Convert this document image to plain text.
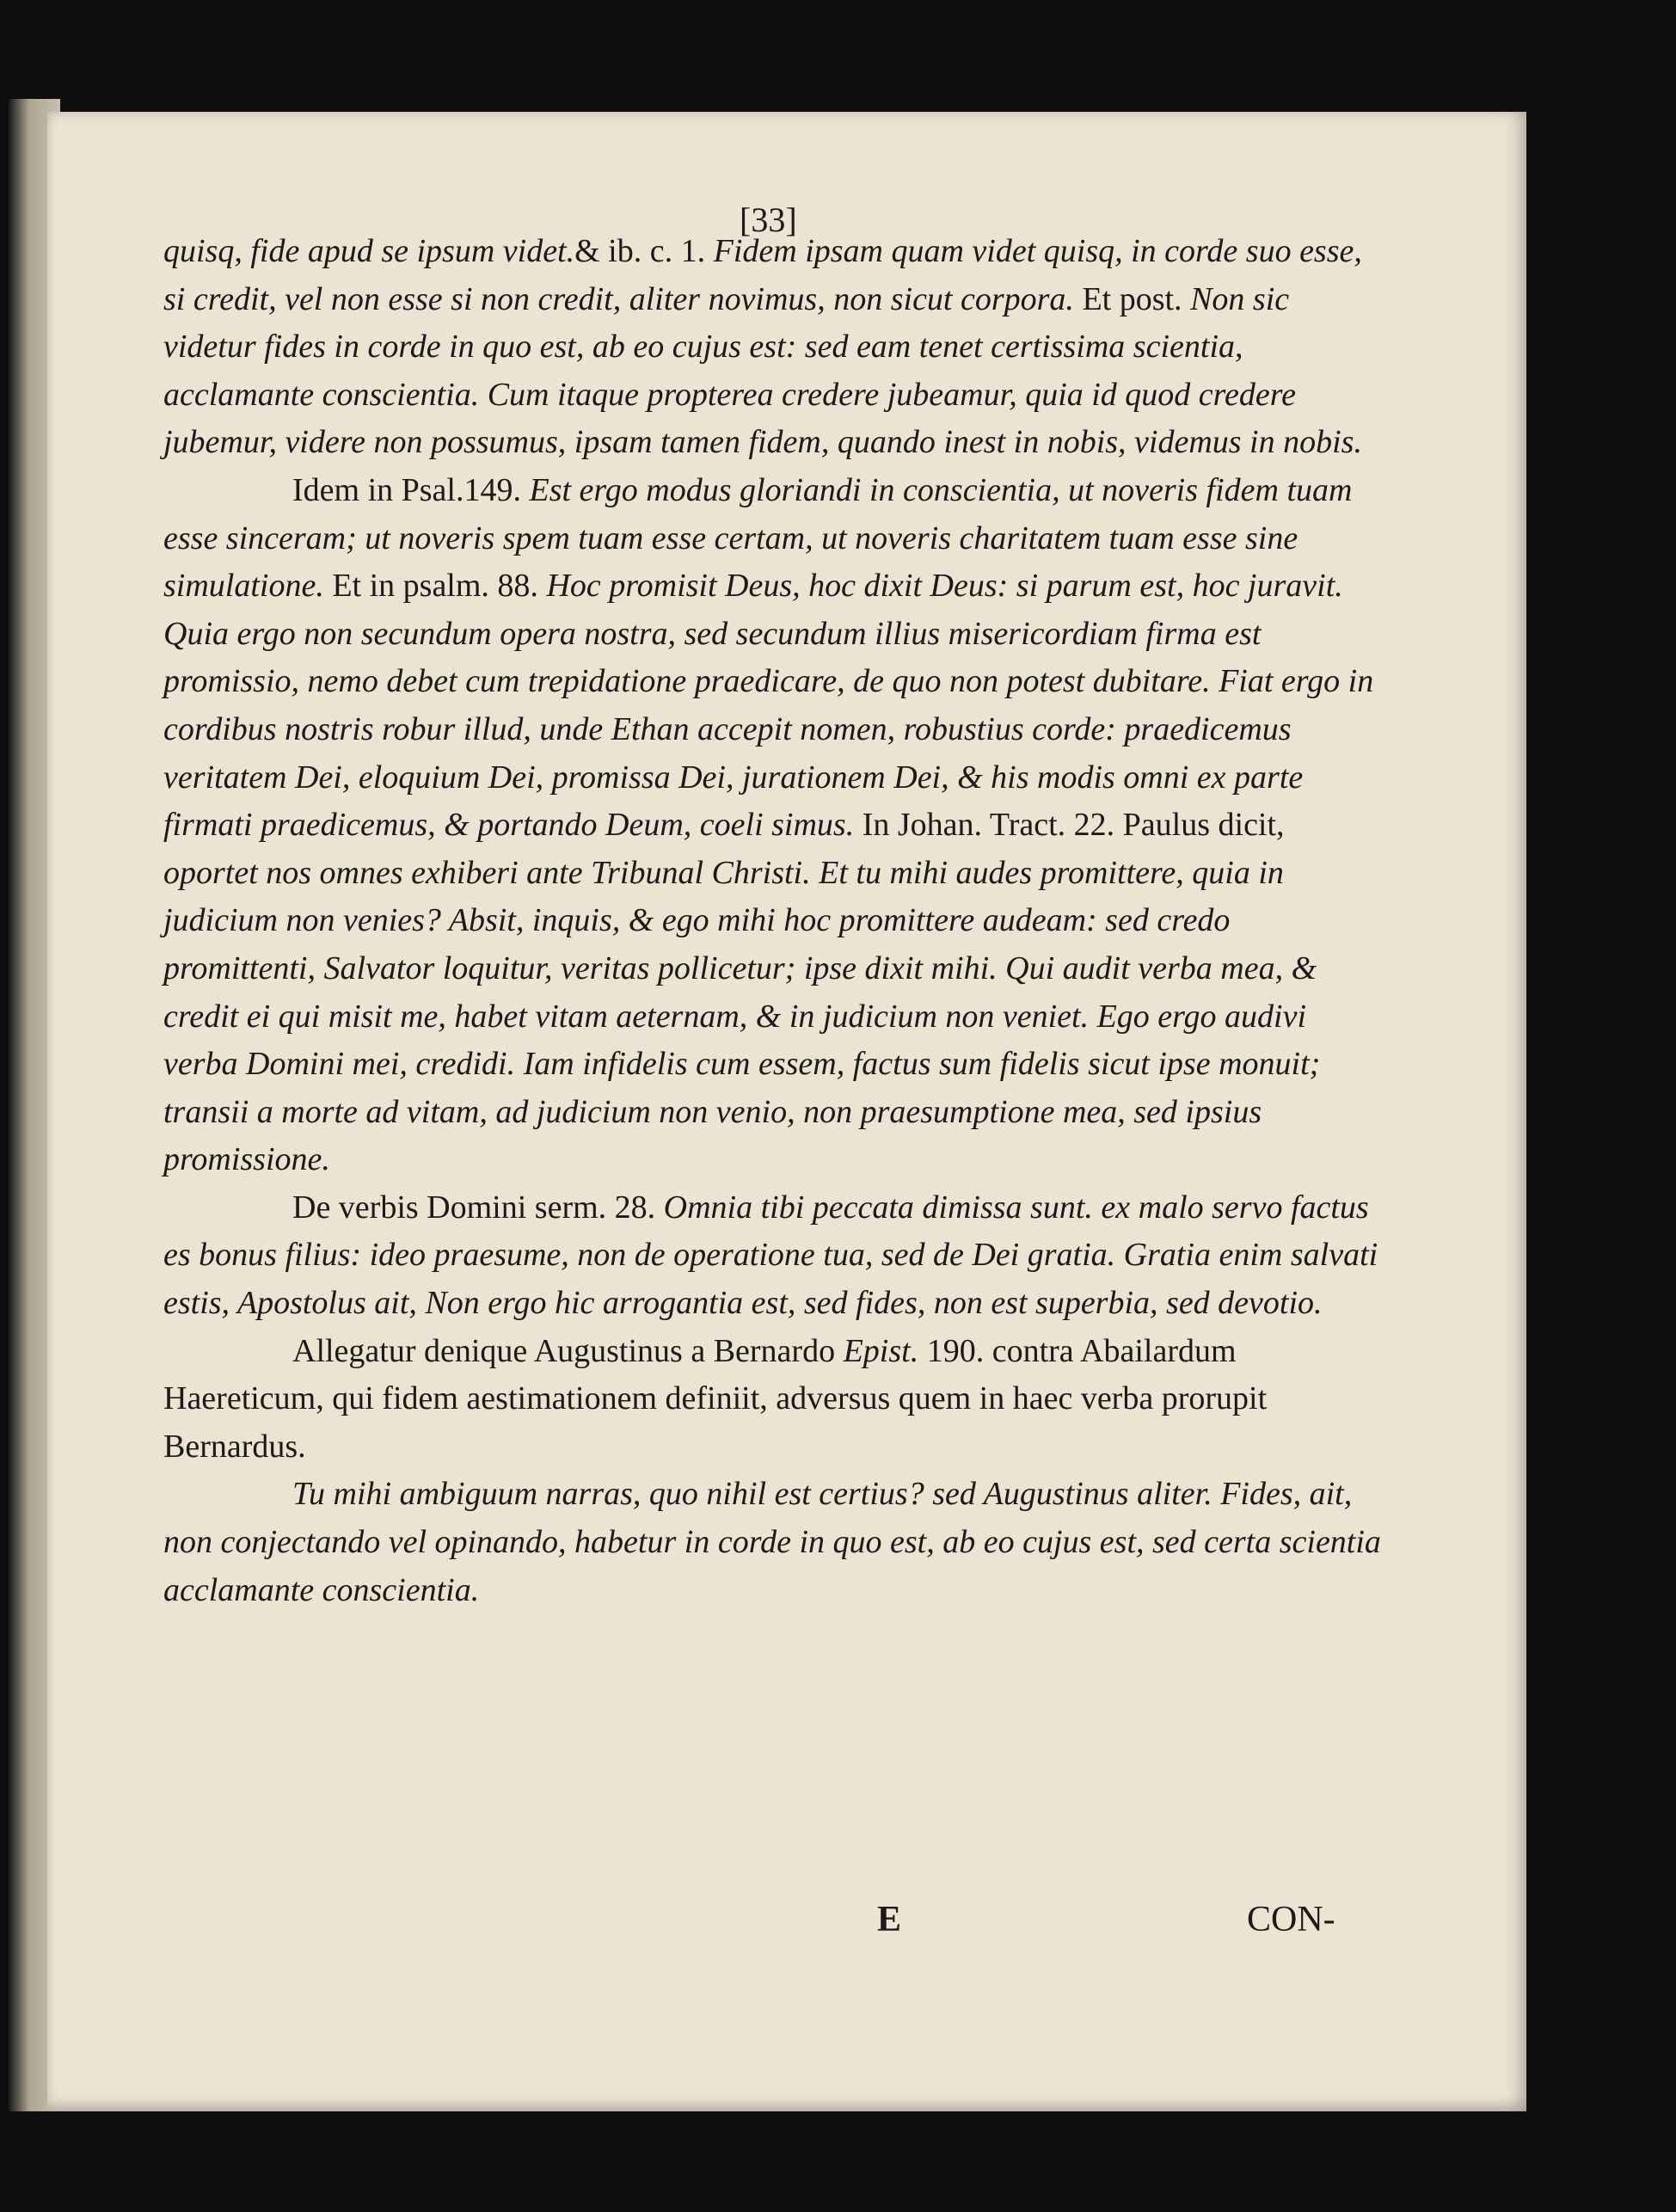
[33]

quisq, fide apud se ipsum videt.& ib. c. 1. Fidem ipsam quam videt quisq, in corde suo esse, si credit, vel non esse si non credit, aliter novimus, non sicut corpora. Et post. Non sic videtur fides in corde in quo est, ab eo cujus est: sed eam tenet certissima scientia, acclamante conscientia. Cum itaque propterea credere jubeamur, quia id quod credere jubemur, videre non possumus, ipsam tamen fidem, quando inest in nobis, videmus in nobis.

Idem in Psal.149. Est ergo modus gloriandi in conscientia, ut noveris fidem tuam esse sinceram; ut noveris spem tuam esse certam, ut noveris charitatem tuam esse sine simulatione. Et in psalm. 88. Hoc promisit Deus, hoc dixit Deus: si parum est, hoc juravit. Quia ergo non secundum opera nostra, sed secundum illius misericordiam firma est promissio, nemo debet cum trepidatione praedicare, de quo non potest dubitare. Fiat ergo in cordibus nostris robur illud, unde Ethan accepit nomen, robustius corde: praedicemus veritatem Dei, eloquium Dei, promissa Dei, jurationem Dei, & his modis omni ex parte firmati praedicemus, & portando Deum, coeli simus. In Johan. Tract. 22. Paulus dicit, oportet nos omnes exhiberi ante Tribunal Christi. Et tu mihi audes promittere, quia in judicium non venies? Absit, inquis, & ego mihi hoc promittere audeam: sed credo promittenti, Salvator loquitur, veritas pollicetur; ipse dixit mihi. Qui audit verba mea, & credit ei qui misit me, habet vitam aeternam, & in judicium non veniet. Ego ergo audivi verba Domini mei, credidi. Iam infidelis cum essem, factus sum fidelis sicut ipse monuit; transii a morte ad vitam, ad judicium non venio, non praesumptione mea, sed ipsius promissione.

De verbis Domini serm. 28. Omnia tibi peccata dimissa sunt. ex malo servo factus es bonus filius: ideo praesume, non de operatione tua, sed de Dei gratia. Gratia enim salvati estis, Apostolus ait, Non ergo hic arrogantia est, sed fides, non est superbia, sed devotio.

Allegatur denique Augustinus a Bernardo Epist. 190. contra Abailardum Haereticum, qui fidem aestimationem definiit, adversus quem in haec verba prorupit Bernardus.

Tu mihi ambiguum narras, quo nihil est certius? sed Augustinus aliter. Fides, ait, non conjectando vel opinando, habetur in corde in quo est, ab eo cujus est, sed certa scientia acclamante conscientia.

E	CON-
